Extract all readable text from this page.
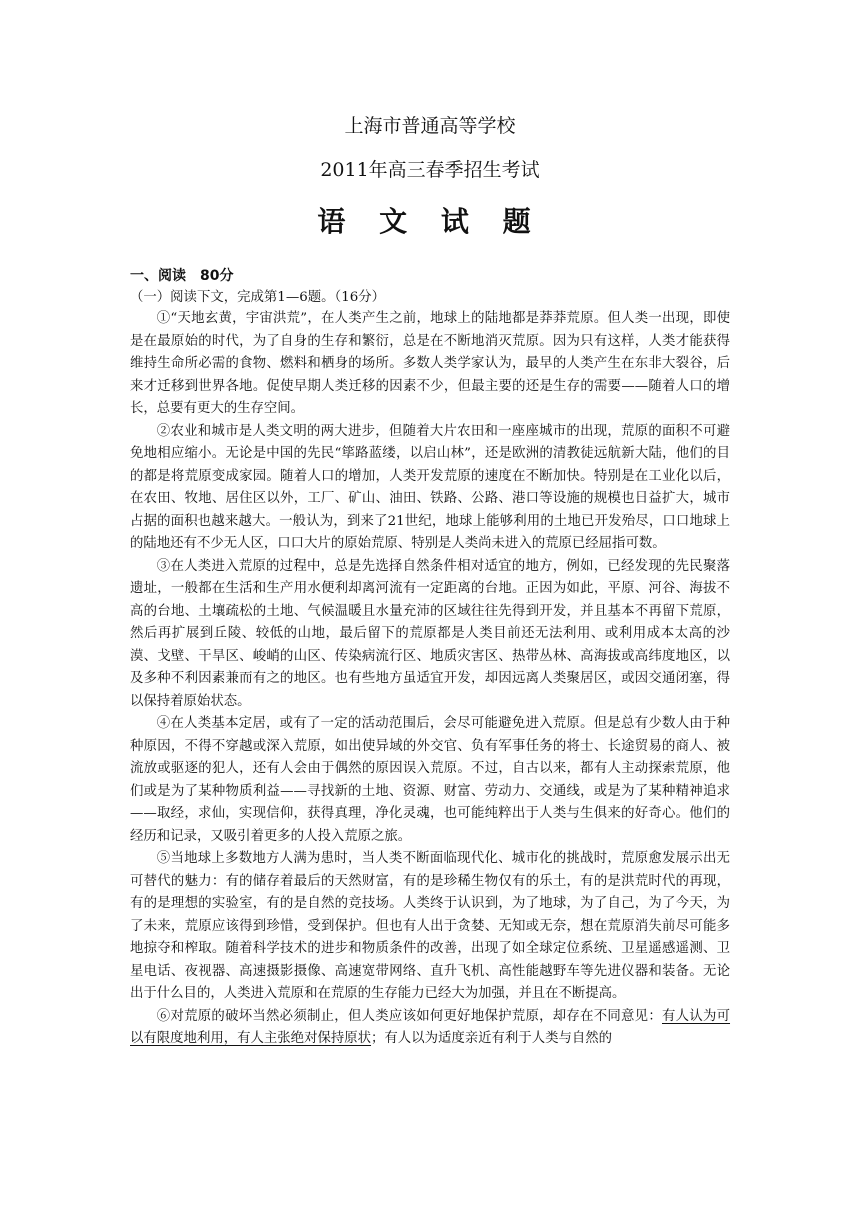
上海市普通高等学校
2011年高三春季招生考试
语 文 试 题
一、阅读　80分
（一）阅读下文，完成第1—6题。（16分）

①“天地玄黄，宇宙洪荒”，在人类产生之前，地球上的陆地都是莽莽荒原。但人类一出现，即使是在最原始的时代，为了自身的生存和繁衍，总是在不断地消灭荒原。因为只有这样，人类才能获得维持生命所必需的食物、燃料和栖身的场所。多数人类学家认为，最早的人类产生在东非大裂谷，后来才迁移到世界各地。促使早期人类迁移的因素不少，但最主要的还是生存的需要——随着人口的增长，总要有更大的生存空间。

②农业和城市是人类文明的两大进步，但随着大片农田和一座座城市的出现，荒原的面积不可避免地相应缩小。无论是中国的先民“筚路蓝缕，以启山林”，还是欧洲的清教徒远航新大陆，他们的目的都是将荒原变成家园。随着人口的增加，人类开发荒原的速度在不断加快。特别是在工业化以后，在农田、牧地、居住区以外，工厂、矿山、油田、铁路、公路、港口等设施的规模也日益扩大，城市占据的面积也越来越大。一般认为，到来了21世纪，地球上能够利用的土地已开发殆尽，口口地球上的陆地还有不少无人区，口口大片的原始荒原、特别是人类尚未进入的荒原已经屈指可数。

③在人类进入荒原的过程中，总是先选择自然条件相对适宜的地方，例如，已经发现的先民聚落遗址，一般都在生活和生产用水便利却离河流有一定距离的台地。正因为如此，平原、河谷、海拔不高的台地、土壤疏松的土地、气候温暖且水量充沛的区域往往先得到开发，并且基本不再留下荒原，然后再扩展到丘陵、较低的山地，最后留下的荒原都是人类目前还无法利用、或利用成本太高的沙漠、戈壁、干旱区、峻峭的山区、传染病流行区、地质灾害区、热带丛林、高海拔或高纬度地区，以及多种不利因素兼而有之的地区。也有些地方虽适宜开发，却因远离人类聚居区，或因交通闭塞，得以保持着原始状态。

④在人类基本定居，或有了一定的活动范围后，会尽可能避免进入荒原。但是总有少数人由于种种原因，不得不穿越或深入荒原，如出使异域的外交官、负有军事任务的将士、长途贸易的商人、被流放或驱逐的犯人，还有人会由于偶然的原因误入荒原。不过，自古以来，都有人主动探索荒原，他们或是为了某种物质利益——寻找新的土地、资源、财富、劳动力、交通线，或是为了某种精神追求——取经，求仙，实现信仰，获得真理，净化灵魂，也可能纯粹出于人类与生俱来的好奇心。他们的经历和记录，又吸引着更多的人投入荒原之旅。

⑤当地球上多数地方人满为患时，当人类不断面临现代化、城市化的挑战时，荒原愈发展示出无可替代的魅力：有的储存着最后的天然财富，有的是珍稀生物仅有的乐土，有的是洪荒时代的再现，有的是理想的实验室，有的是自然的竞技场。人类终于认识到，为了地球，为了自己，为了今天，为了未来，荒原应该得到珍惜，受到保护。但也有人出于贪婪、无知或无奈，想在荒原消失前尽可能多地掠夺和榨取。随着科学技术的进步和物质条件的改善，出现了如全球定位系统、卫星遥感遥测、卫星电话、夜视器、高速摄影摄像、高速宽带网络、直升飞机、高性能越野车等先进仪器和装备。无论出于什么目的，人类进入荒原和在荒原的生存能力已经大为加强，并且在不断提高。

⑥对荒原的破坏当然必须制止，但人类应该如何更好地保护荒原，却存在不同意见：有人认为可以有限度地利用，有人主张绝对保持原状；有人以为适度亲近有利于人类与自然的
